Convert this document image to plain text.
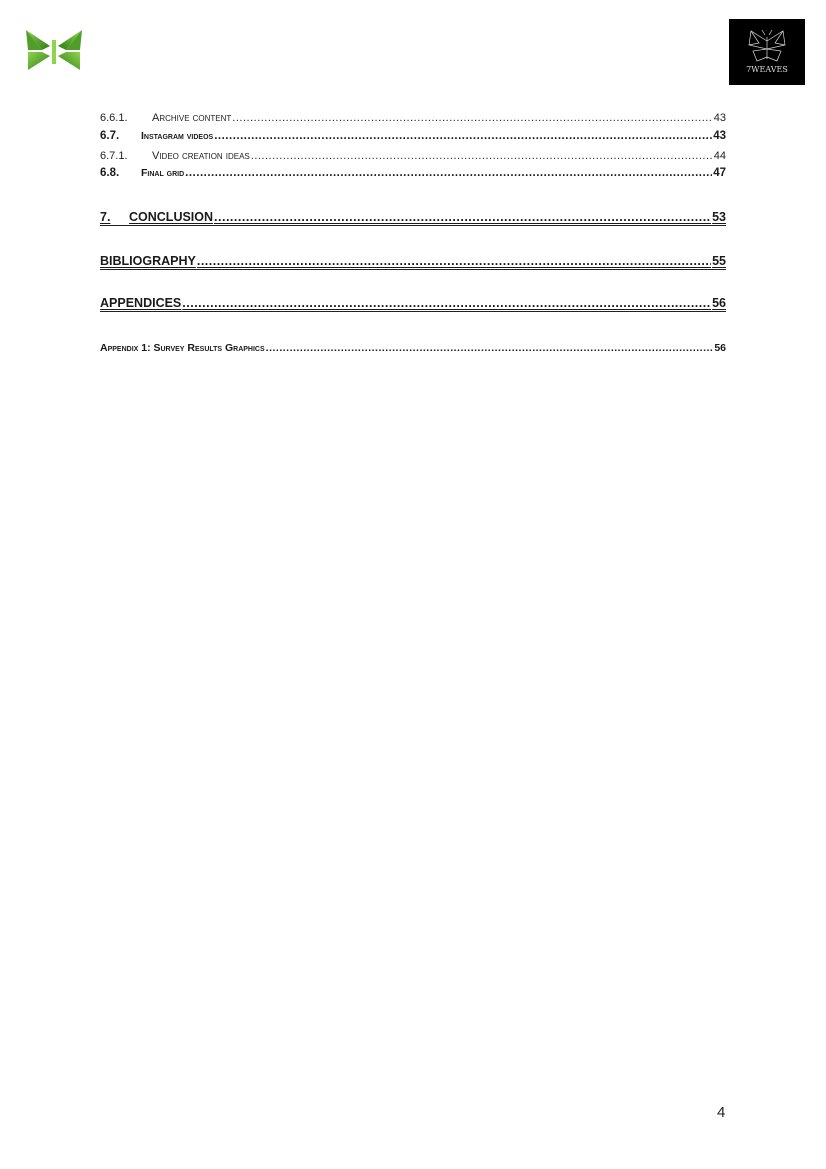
7WEAVES
6.6.1.	Archive content .....	43
6.7.	Instagram videos .....	43
6.7.1.	Video creation ideas .....	44
6.8.	Final grid .....	47
7.	CONCLUSION .....	53
BIBLIOGRAPHY .....	55
APPENDICES .....	56
Appendix 1: Survey Results Graphics .....	56
4
